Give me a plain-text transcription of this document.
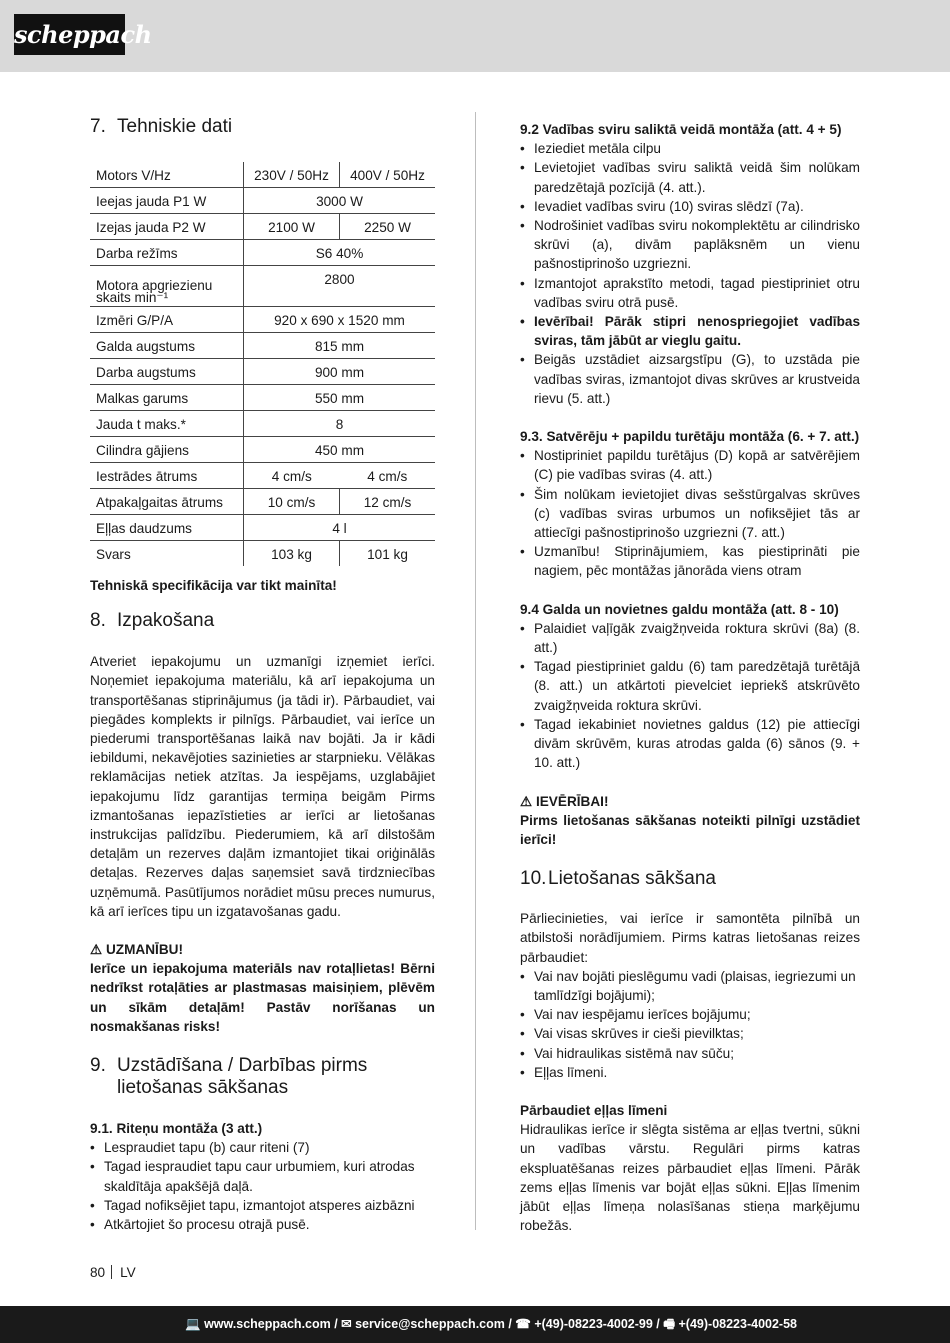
scheppach
7. Tehniskie dati
Motors V/Hz	230V / 50Hz	400V / 50Hz
Ieejas jauda P1 W	3000 W	
Izejas jauda P2 W	2100 W	2250 W
Darba režīms	S6 40%	
Motora apgriezienu
skaits min⁻¹	2800	
Izmēri G/P/A	920 x 690 x 1520 mm	
Galda augstums	815 mm	
Darba augstums	900 mm	
Malkas garums	550 mm	
Jauda t maks.*	8	
Cilindra gājiens	450 mm	
Iestrādes ātrums	4 cm/s	4 cm/s
Atpakaļgaitas ātrums	10 cm/s	12 cm/s
Eļļas daudzums	4 l	
Svars	103 kg	101 kg

Tehniskā specifikācija var tikt mainīta!

8. Izpakošana

Atveriet iepakojumu un uzmanīgi izņemiet ierīci. Noņemiet iepakojuma materiālu, kā arī iepakojuma un transportēšanas stiprinājumus (ja tādi ir). Pārbaudiet, vai piegādes komplekts ir pilnīgs. Pārbaudiet, vai ierīce un piederumi transportēšanas laikā nav bojāti. Ja ir kādi iebildumi, nekavējoties sazinieties ar starpnieku. Vēlākas reklamācijas netiek atzītas. Ja iespējams, uzglabājiet iepakojumu līdz garantijas termiņa beigām Pirms izmantošanas iepazīstieties ar ierīci ar lietošanas instrukcijas palīdzību. Piederumiem, kā arī dilstošām detaļām un rezerves daļām izmantojiet tikai oriģinālās detaļas. Rezerves daļas saņemsiet savā tirdzniecības uzņēmumā. Pasūtījumos norādiet mūsu preces numurus, kā arī ierīces tipu un izgatavošanas gadu.

⚠ UZMANĪBU!

Ierīce un iepakojuma materiāls nav rotaļlietas! Bērni nedrīkst rotaļāties ar plastmasas maisiņiem, plēvēm un sīkām detaļām! Pastāv norīšanas un nosmakšanas risks!

9. Uzstādīšana / Darbības pirms lietošanas sākšanas

9.1. Riteņu montāža (3 att.)

• Lespraudiet tapu (b) caur riteni (7)
• Tagad iespraudiet tapu caur urbumiem, kuri atrodas skaldītāja apakšējā daļā.
• Tagad nofiksējiet tapu, izmantojot atsperes aizbāzni
• Atkārtojiet šo procesu otrajā pusē.

9.2 Vadības sviru saliktā veidā montāža (att. 4 + 5)

• Ieziediet metāla cilpu
• Levietojiet vadības sviru saliktā veidā šim nolūkam paredzētajā pozīcijā (4. att.).
• Ievadiet vadības sviru (10) sviras slēdzī (7a).
• Nodrošiniet vadības sviru nokomplektētu ar cilindrisko skrūvi (a), divām paplāksnēm un vienu pašnostiprinošo uzgriezni.
• Izmantojot aprakstīto metodi, tagad piestipriniet otru vadības sviru otrā pusē.
• Ievērībai! Pārāk stipri nenospriegojiet vadības sviras, tām jābūt ar vieglu gaitu.
• Beigās uzstādiet aizsargstīpu (G), to uzstāda pie vadības sviras, izmantojot divas skrūves ar krustveida rievu (5. att.)

9.3. Satvērēju + papildu turētāju montāža (6. + 7. att.)

• Nostipriniet papildu turētājus (D) kopā ar satvērējiem (C) pie vadības sviras (4. att.)
• Šim nolūkam ievietojiet divas sešstūrgalvas skrūves (c) vadības sviras urbumos un nofiksējiet tās ar attiecīgi pašnostiprinošo uzgriezni (7. att.)
• Uzmanību! Stiprinājumiem, kas piestiprināti pie nagiem, pēc montāžas jānorāda viens otram

9.4 Galda un novietnes galdu montāža (att. 8 - 10)

• Palaidiet vaļīgāk zvaigžņveida roktura skrūvi (8a) (8. att.)
• Tagad piestipriniet galdu (6) tam paredzētajā turētājā (8. att.) un atkārtoti pievelciet iepriekš atskrūvēto zvaigžņveida roktura skrūvi.
• Tagad iekabiniet novietnes galdus (12) pie attiecīgi divām skrūvēm, kuras atrodas galda (6) sānos (9. + 10. att.)

⚠ IEVĒRĪBAI!

Pirms lietošanas sākšanas noteikti pilnīgi uzstādiet ierīci!

10. Lietošanas sākšana

Pārliecinieties, vai ierīce ir samontēta pilnībā un atbilstoši norādījumiem. Pirms katras lietošanas reizes pārbaudiet:

• Vai nav bojāti pieslēgumu vadi (plaisas, iegriezumi un tamlīdzīgi bojājumi);
• Vai nav iespējamu ierīces bojājumu;
• Vai visas skrūves ir cieši pievilktas;
• Vai hidraulikas sistēmā nav sūču;
• Eļļas līmeni.

Pārbaudiet eļļas līmeni

Hidraulikas ierīce ir slēgta sistēma ar eļļas tvertni, sūkni un vadības vārstu. Regulāri pirms katras ekspluatēšanas reizes pārbaudiet eļļas līmeni. Pārāk zems eļļas līmenis var bojāt eļļas sūkni. Eļļas līmenim jābūt eļļas līmeņa nolasīšanas stieņa marķējumu robežās.

80 LV
💻 www.scheppach.com / ✉ service@scheppach.com / ☎ +(49)-08223-4002-99 / 🖷 +(49)-08223-4002-58
